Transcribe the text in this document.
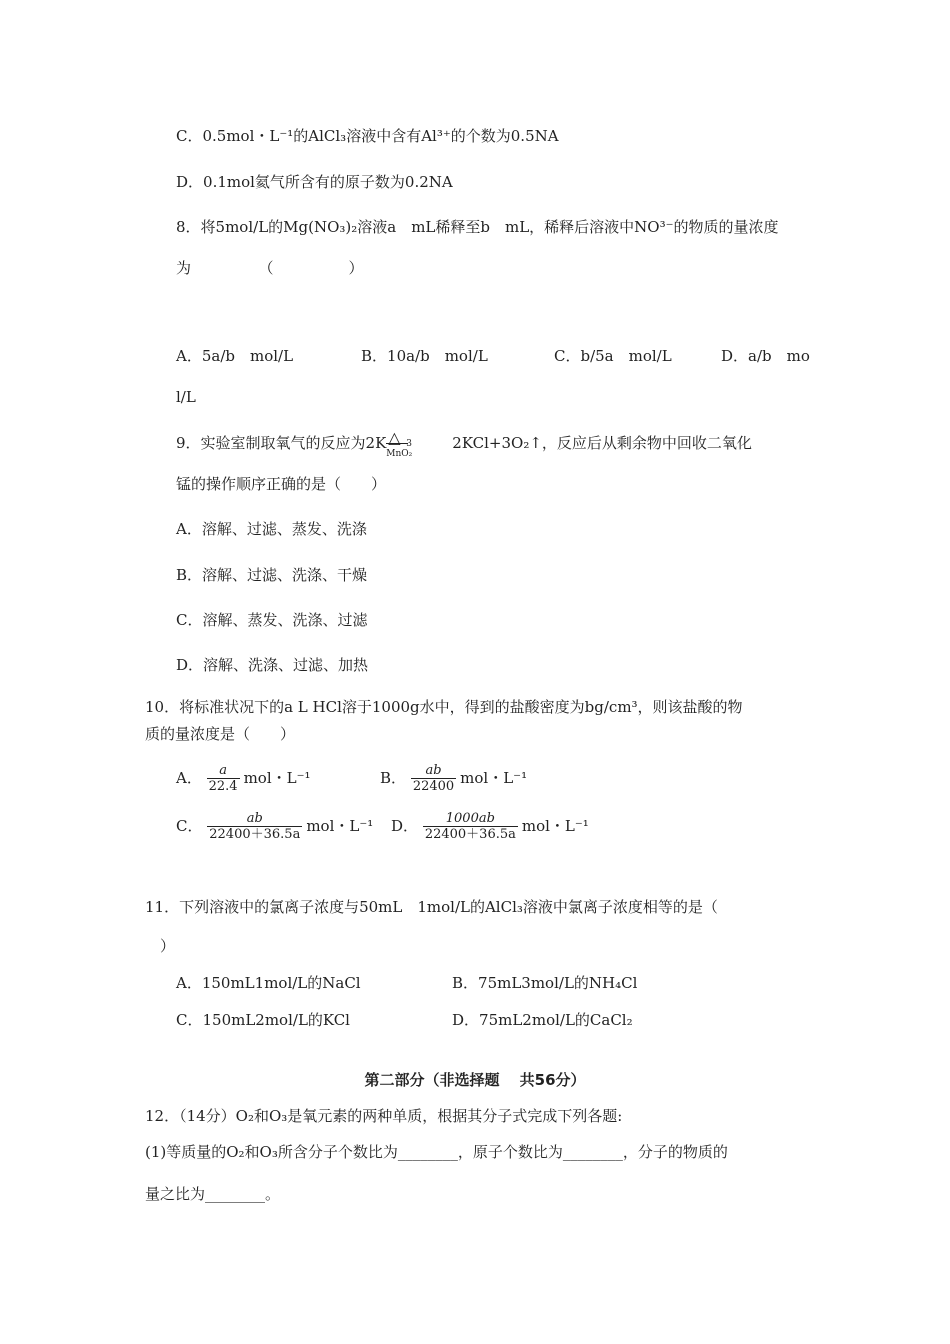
C．0.5mol・L⁻¹的AlCl₃溶液中含有Al³⁺的个数为0.5NA
D．0.1mol氦气所含有的原子数为0.2NA
8．将5mol/L的Mg(NO₃)₂溶液a　mL稀释至b　mL，稀释后溶液中NO³⁻的物质的量浓度
为　　　　　（　　　　　）
A．5a/b　mol/L	B．10a/b　mol/L	C．b/5a　mol/L	D．a/b　mo
l/L
9．实验室制取氧气的反应为2K △
MnO₂
3	2KCl+3O₂↑，反应后从剩余物中回收二氧化
锰的操作顺序正确的是（　　）
A．溶解、过滤、蒸发、洗涤
B．溶解、过滤、洗涤、干燥
C．溶解、蒸发、洗涤、过滤
D．溶解、洗涤、过滤、加热
10．将标准状况下的a L HCl溶于1000g水中，得到的盐酸密度为bg/cm³，则该盐酸的物
质的量浓度是（　　）
A． $\frac{a}{22.4}$ mol・L⁻¹	B． $\frac{ab}{22400}$ mol・L⁻¹
C． $\frac{ab}{22400+36.5a}$ mol・L⁻¹ D． $\frac{1000ab}{22400+36.5a}$ mol・L⁻¹
11．下列溶液中的氯离子浓度与50mL　1mol/L的AlCl₃溶液中氯离子浓度相等的是（
）
A．150mL1mol/L的NaCl	B．75mL3mol/L的NH₄Cl
C．150mL2mol/L的KCl	D．75mL2mol/L的CaCl₂
第二部分（非选择题　 共56分）
12．（14分）O₂和O₃是氧元素的两种单质，根据其分子式完成下列各题:
(1)等质量的O₂和O₃所含分子个数比为________，原子个数比为________，分子的物质的
量之比为________。
